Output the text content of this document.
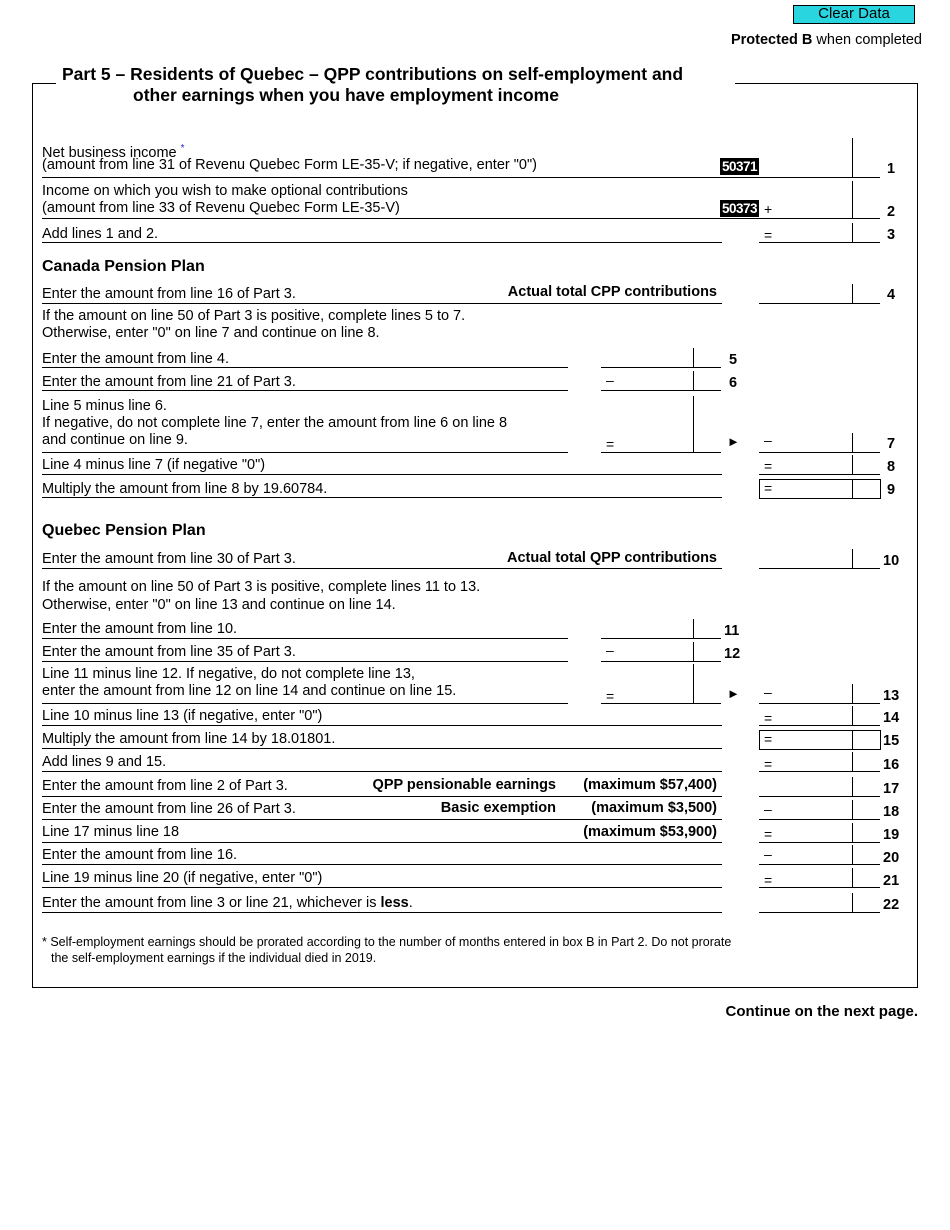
Clear Data
Protected B when completed
Part 5 – Residents of Quebec – QPP contributions on self-employment and
other earnings when you have employment income
Net business income *
(amount from line 31 of Revenu Quebec Form LE-35-V; if negative, enter "0")	50371	1
Income on which you wish to make optional contributions
(amount from line 33 of Revenu Quebec Form LE-35-V)	50373 +	2
Add lines 1 and 2.	=	3
Canada Pension Plan
Enter the amount from line 16 of Part 3.	Actual total CPP contributions	4
If the amount on line 50 of Part 3 is positive, complete lines 5 to 7.
Otherwise, enter "0" on line 7 and continue on line 8.
Enter the amount from line 4.	5
Enter the amount from line 21 of Part 3.	–	6
Line 5 minus line 6.
If negative, do not complete line 7, enter the amount from line 6 on line 8
and continue on line 9.	=	► –	7
Line 4 minus line 7 (if negative "0")	=	8
Multiply the amount from line 8 by 19.60784.	=	9
Quebec Pension Plan
Enter the amount from line 30 of Part 3.	Actual total QPP contributions	10
If the amount on line 50 of Part 3 is positive, complete lines 11 to 13.
Otherwise, enter "0" on line 13 and continue on line 14.
Enter the amount from line 10.	11
Enter the amount from line 35 of Part 3.	–	12
Line 11 minus line 12. If negative, do not complete line 13,
enter the amount from line 12 on line 14 and continue on line 15.	=	► –	13
Line 10 minus line 13 (if negative, enter "0")	=	14
Multiply the amount from line 14 by 18.01801.	=	15
Add lines 9 and 15.	=	16
Enter the amount from line 2 of Part 3.	QPP pensionable earnings	(maximum $57,400)	17
Enter the amount from line 26 of Part 3.	Basic exemption	(maximum $3,500)	–	18
Line 17 minus line 18	(maximum $53,900)	=	19
Enter the amount from line 16.	–	20
Line 19 minus line 20 (if negative, enter "0")	=	21
Enter the amount from line 3 or line 21, whichever is less.	22
* Self-employment earnings should be prorated according to the number of months entered in box B in Part 2. Do not prorate
the self-employment earnings if the individual died in 2019.
Continue on the next page.
